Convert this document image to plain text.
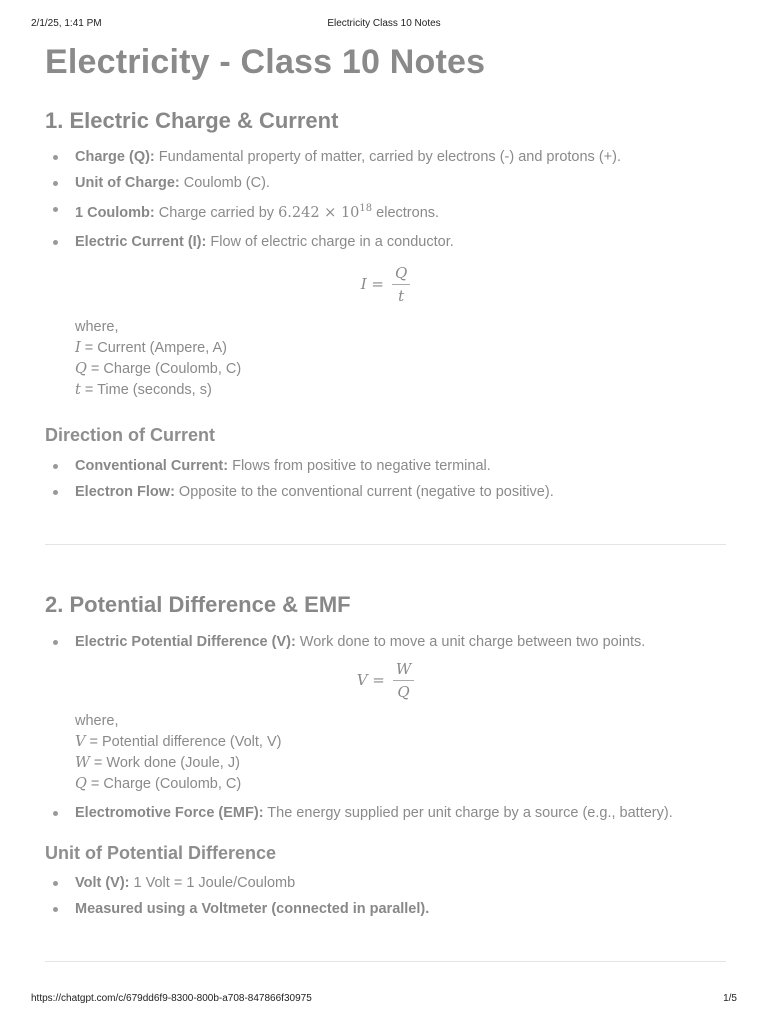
2/1/25, 1:41 PM	Electricity Class 10 Notes
Electricity - Class 10 Notes
1. Electric Charge & Current
Charge (Q): Fundamental property of matter, carried by electrons (-) and protons (+).
Unit of Charge: Coulomb (C).
1 Coulomb: Charge carried by $6.242 \times 10^{18}$ electrons.
Electric Current (I): Flow of electric charge in a conductor.
$I = \frac{Q}{t}$
where,
I = Current (Ampere, A)
Q = Charge (Coulomb, C)
t = Time (seconds, s)
Direction of Current
Conventional Current: Flows from positive to negative terminal.
Electron Flow: Opposite to the conventional current (negative to positive).
2. Potential Difference & EMF
Electric Potential Difference (V): Work done to move a unit charge between two points.
$V = \frac{W}{Q}$
where,
V = Potential difference (Volt, V)
W = Work done (Joule, J)
Q = Charge (Coulomb, C)
Electromotive Force (EMF): The energy supplied per unit charge by a source (e.g., battery).
Unit of Potential Difference
Volt (V): 1 Volt = 1 Joule/Coulomb
Measured using a Voltmeter (connected in parallel).
https://chatgpt.com/c/679dd6f9-8300-800b-a708-847866f30975	1/5
